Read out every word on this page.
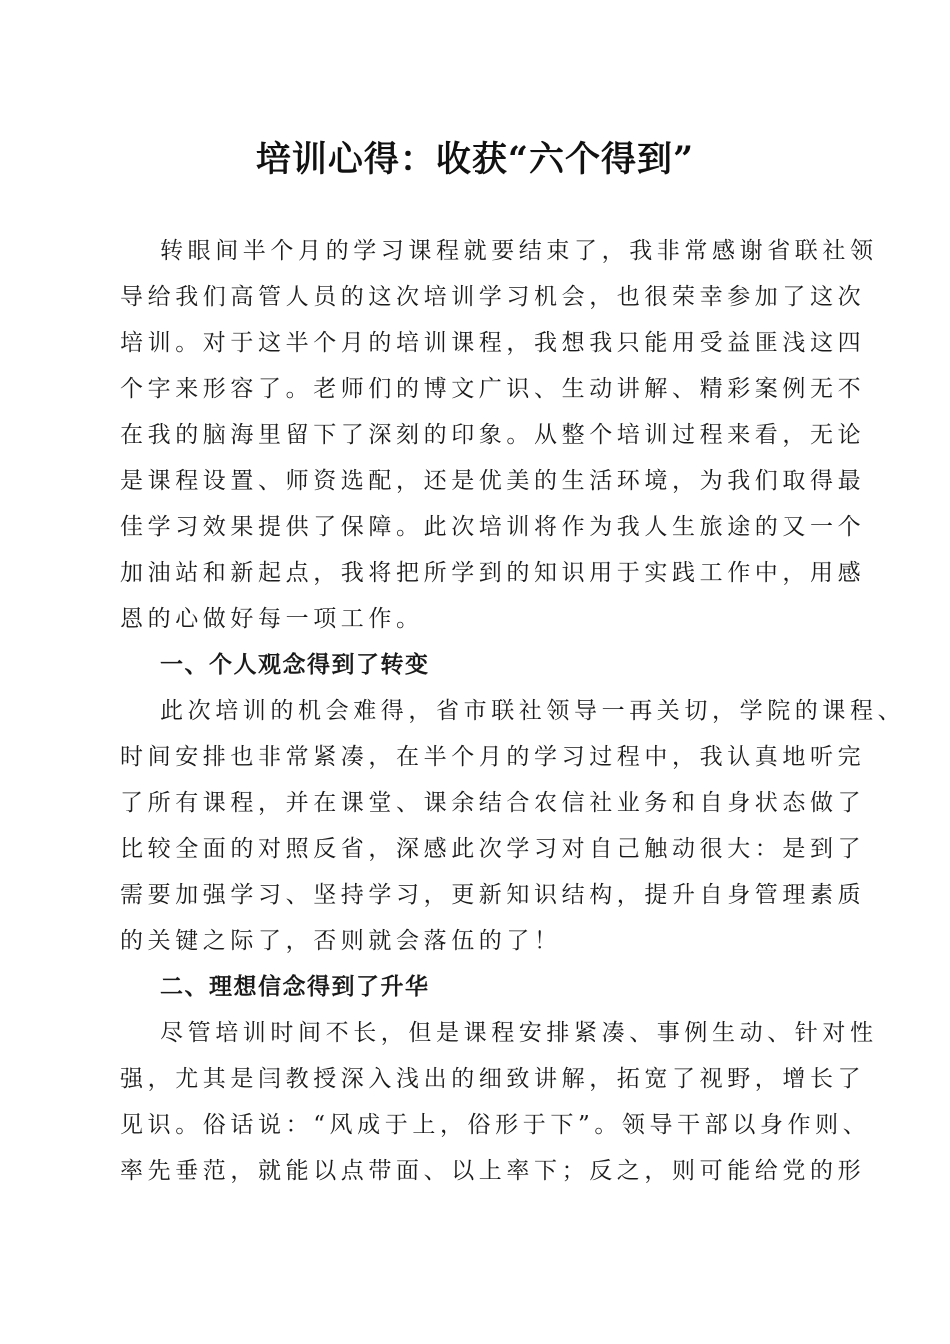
培训心得：收获“六个得到”
转眼间半个月的学习课程就要结束了，我非常感谢省联社领
导给我们高管人员的这次培训学习机会，也很荣幸参加了这次
培训。对于这半个月的培训课程，我想我只能用受益匪浅这四
个字来形容了。老师们的博文广识、生动讲解、精彩案例无不
在我的脑海里留下了深刻的印象。从整个培训过程来看，无论
是课程设置、师资选配，还是优美的生活环境，为我们取得最
佳学习效果提供了保障。此次培训将作为我人生旅途的又一个
加油站和新起点，我将把所学到的知识用于实践工作中，用感
恩的心做好每一项工作。
一、个人观念得到了转变
此次培训的机会难得，省市联社领导一再关切，学院的课程、
时间安排也非常紧凑，在半个月的学习过程中，我认真地听完
了所有课程，并在课堂、课余结合农信社业务和自身状态做了
比较全面的对照反省，深感此次学习对自己触动很大：是到了
需要加强学习、坚持学习，更新知识结构，提升自身管理素质
的关键之际了，否则就会落伍的了！
二、理想信念得到了升华
尽管培训时间不长，但是课程安排紧凑、事例生动、针对性
强，尤其是闫教授深入浅出的细致讲解，拓宽了视野，增长了
见识。俗话说：“风成于上，俗形于下”。领导干部以身作则、
率先垂范，就能以点带面、以上率下；反之，则可能给党的形
